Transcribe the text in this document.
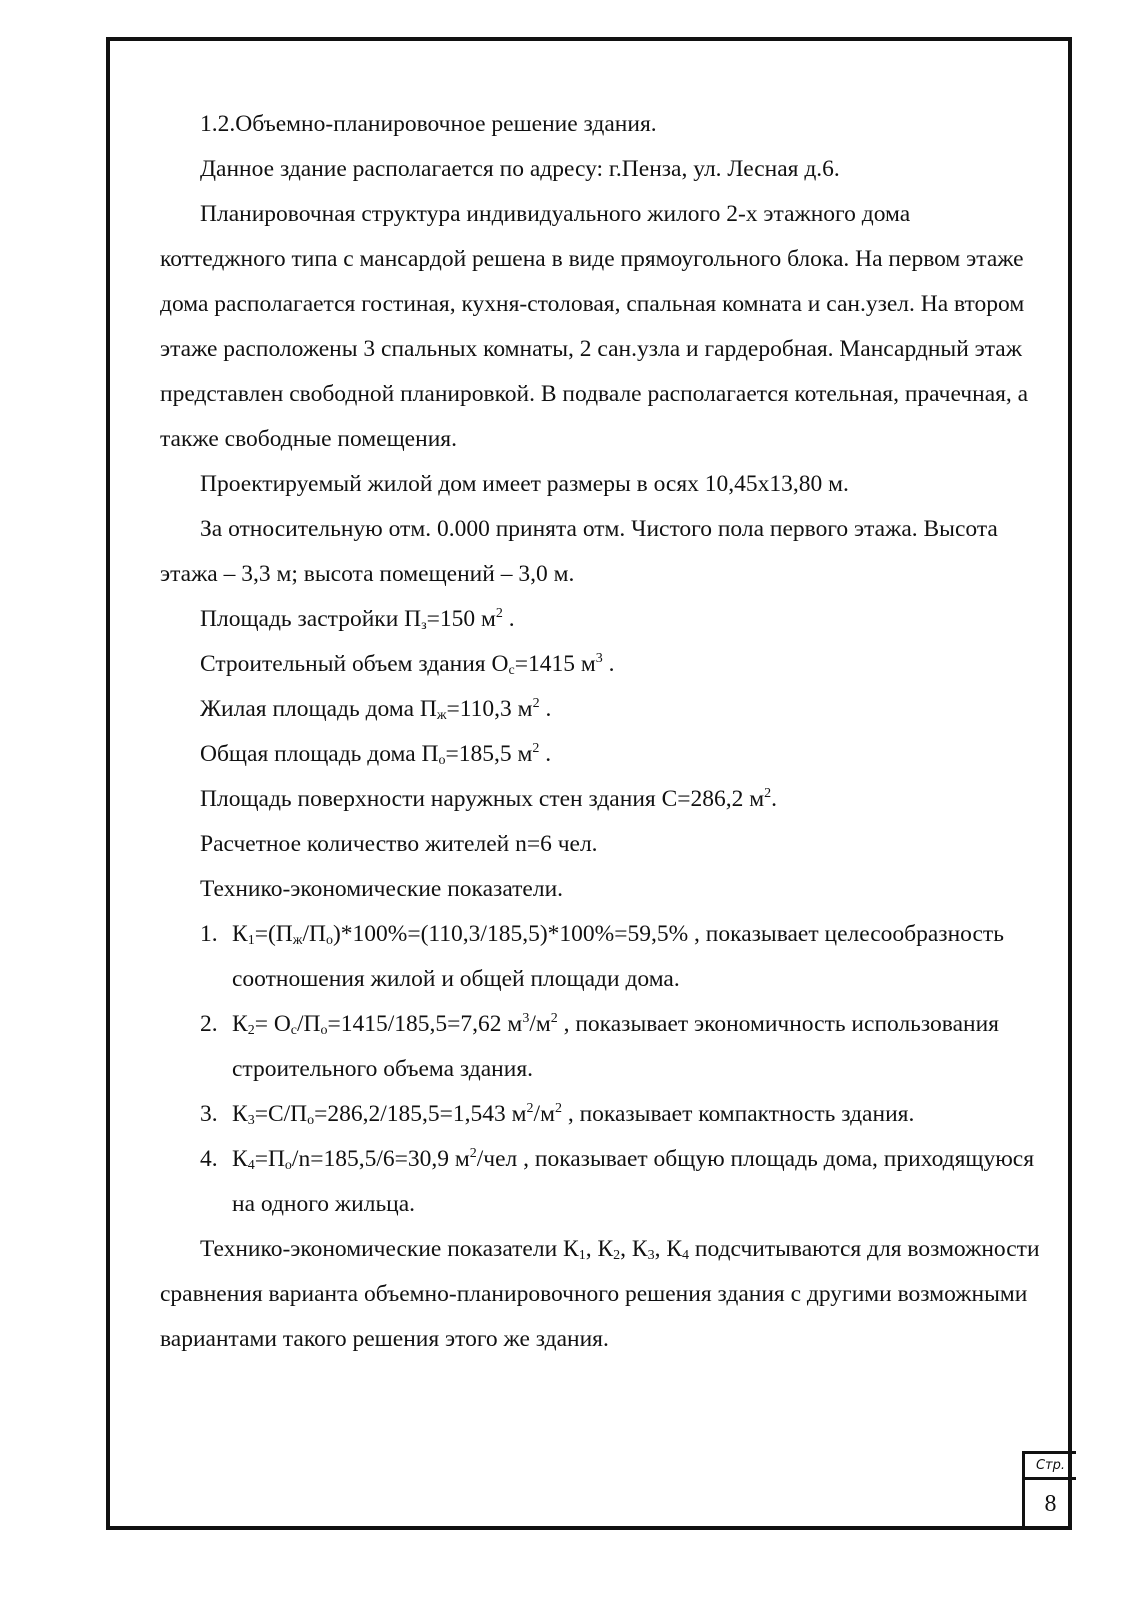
1.2.Объемно-планировочное решение здания.

Данное здание располагается по адресу: г.Пенза, ул. Лесная д.6.

Планировочная структура индивидуального жилого 2-х этажного дома коттеджного типа с мансардой решена в виде прямоугольного блока. На первом этаже дома располагается гостиная, кухня-столовая, спальная комната и сан.узел. На втором этаже расположены 3 спальных комнаты, 2 сан.узла и гардеробная. Мансардный этаж представлен свободной планировкой. В подвале располагается котельная, прачечная, а также свободные помещения.

Проектируемый жилой дом имеет размеры в осях 10,45х13,80 м.

За относительную отм. 0.000 принята отм. Чистого пола первого этажа. Высота этажа – 3,3 м; высота помещений – 3,0 м.

Площадь застройки $П_з=150$ $м^2$ .

Строительный объем здания $О_с=1415$ $м^3$ .

Жилая площадь дома $П_ж=110,3$ $м^2$ .

Общая площадь дома $П_о=185,5$ $м^2$ .

Площадь поверхности наружных стен здания С=286,2 $м^2$.

Расчетное количество жителей n=6 чел.

Технико-экономические показатели.

1. $К_1=(П_ж/П_о)*100\%=(110,3/185,5)*100\%=59,5\%$ , показывает целесообразность соотношения жилой и общей площади дома.
2. $К_2= О_с/П_о=1415/185,5=7,62$ $м^3/м^2$ , показывает экономичность использования строительного объема здания.
3. $К_3=С/П_о=286,2/185,5=1,543$ $м^2/м^2$ , показывает компактность здания.
4. $К_4=П_о/n=185,5/6=30,9$ $м^2$/чел , показывает общую площадь дома, приходящуюся на одного жильца.

Технико-экономические показатели $К_1$, $К_2$, $К_3$, $К_4$ подсчитываются для возможности сравнения варианта объемно-планировочного решения здания с другими возможными вариантами такого решения этого же здания.

Стр.
8
